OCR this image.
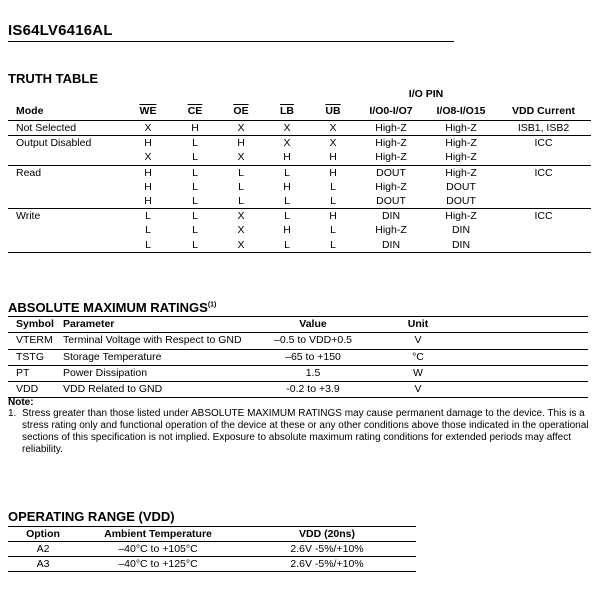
IS64LV6416AL
TRUTH TABLE
						I/O PIN		
Mode	$\overline{WE}$	$\overline{CE}$	$\overline{OE}$	$\overline{LB}$	$\overline{UB}$	I/O0-I/O7	I/O8-I/O15	VDD Current
Not Selected	X	H	X	X	X	High-Z	High-Z	ISB1, ISB2
Output Disabled	H	L	H	X	X	High-Z	High-Z	ICC
	X	L	X	H	H	High-Z	High-Z	
Read	H	L	L	L	H	DOUT	High-Z	ICC
	H	L	L	H	L	High-Z	DOUT	
	H	L	L	L	L	DOUT	DOUT	
Write	L	L	X	L	H	DIN	High-Z	ICC
	L	L	X	H	L	High-Z	DIN	
	L	L	X	L	L	DIN	DIN	
ABSOLUTE MAXIMUM RATINGS$^{(1)}$
Symbol	Parameter	Value	Unit	
VTERM	Terminal Voltage with Respect to GND	–0.5 to VDD+0.5	V	
TSTG	Storage Temperature	–65 to +150	°C	
PT	Power Dissipation	1.5	W	
VDD	VDD Related to GND	-0.2 to +3.9	V	
Note:
1. Stress greater than those listed under ABSOLUTE MAXIMUM RATINGS may cause permanent damage to the device. This is a stress rating only and functional operation of the device at these or any other conditions above those indicated in the operational sections of this specification is not implied. Exposure to absolute maximum rating conditions for extended periods may affect reliability.
OPERATING RANGE (VDD)
Option	Ambient Temperature	VDD (20ns)
A2	–40°C to +105°C	2.6V -5%/+10%
A3	–40°C to +125°C	2.6V -5%/+10%
